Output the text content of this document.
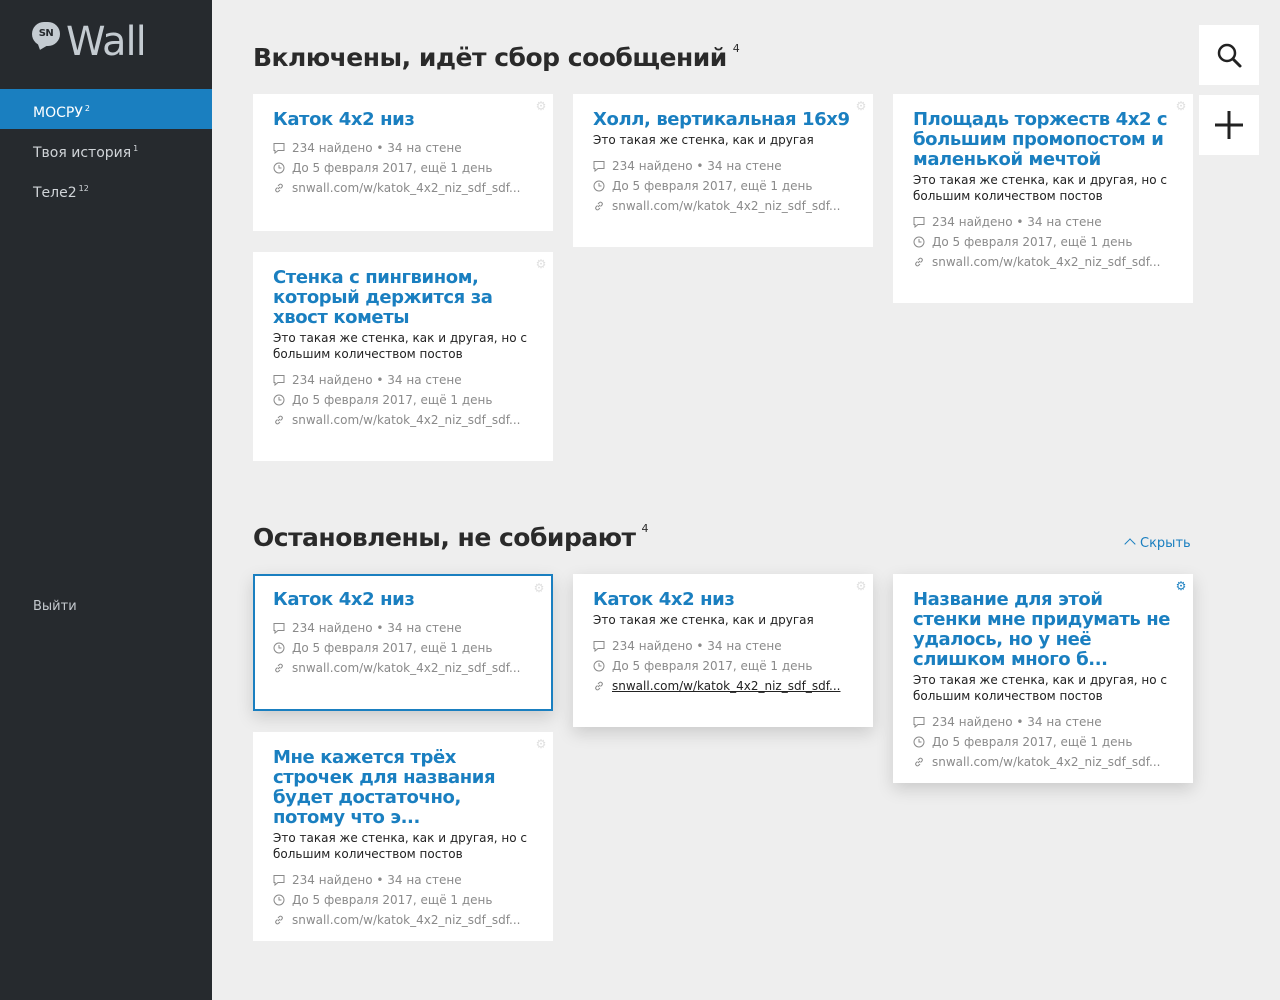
SN Wall
МОСРУ $^2$
Твоя история $^1$
Теле2 $^{12}$
Выйти
Включены, идёт сбор сообщений $^4$
Остановлены, не собирают $^4$
Скрыть
⚙
Каток 4х2 низ
234 найдено • 34 на стене
До 5 февраля 2017, ещё 1 день
snwall.com/w/katok_4x2_niz_sdf_sdf...
⚙
Холл, вертикальная 16х9
Это такая же стенка, как и другая
234 найдено • 34 на стене
До 5 февраля 2017, ещё 1 день
snwall.com/w/katok_4x2_niz_sdf_sdf...
⚙
Площадь торжеств 4х2 с большим промопостом и маленькой мечтой
Это такая же стенка, как и другая, но с большим количеством постов
234 найдено • 34 на стене
До 5 февраля 2017, ещё 1 день
snwall.com/w/katok_4x2_niz_sdf_sdf...
⚙
Стенка с пингвином, который держится за хвост кометы
Это такая же стенка, как и другая, но с большим количеством постов
234 найдено • 34 на стене
До 5 февраля 2017, ещё 1 день
snwall.com/w/katok_4x2_niz_sdf_sdf...
⚙
Каток 4х2 низ
234 найдено • 34 на стене
До 5 февраля 2017, ещё 1 день
snwall.com/w/katok_4x2_niz_sdf_sdf...
⚙
Каток 4х2 низ
Это такая же стенка, как и другая
234 найдено • 34 на стене
До 5 февраля 2017, ещё 1 день
snwall.com/w/katok_4x2_niz_sdf_sdf...
⚙
Название для этой стенки мне придумать не удалось, но у неё слишком много б...
Это такая же стенка, как и другая, но с большим количеством постов
234 найдено • 34 на стене
До 5 февраля 2017, ещё 1 день
snwall.com/w/katok_4x2_niz_sdf_sdf...
⚙
Мне кажется трёх строчек для названия будет достаточно, потому что э...
Это такая же стенка, как и другая, но с большим количеством постов
234 найдено • 34 на стене
До 5 февраля 2017, ещё 1 день
snwall.com/w/katok_4x2_niz_sdf_sdf...
